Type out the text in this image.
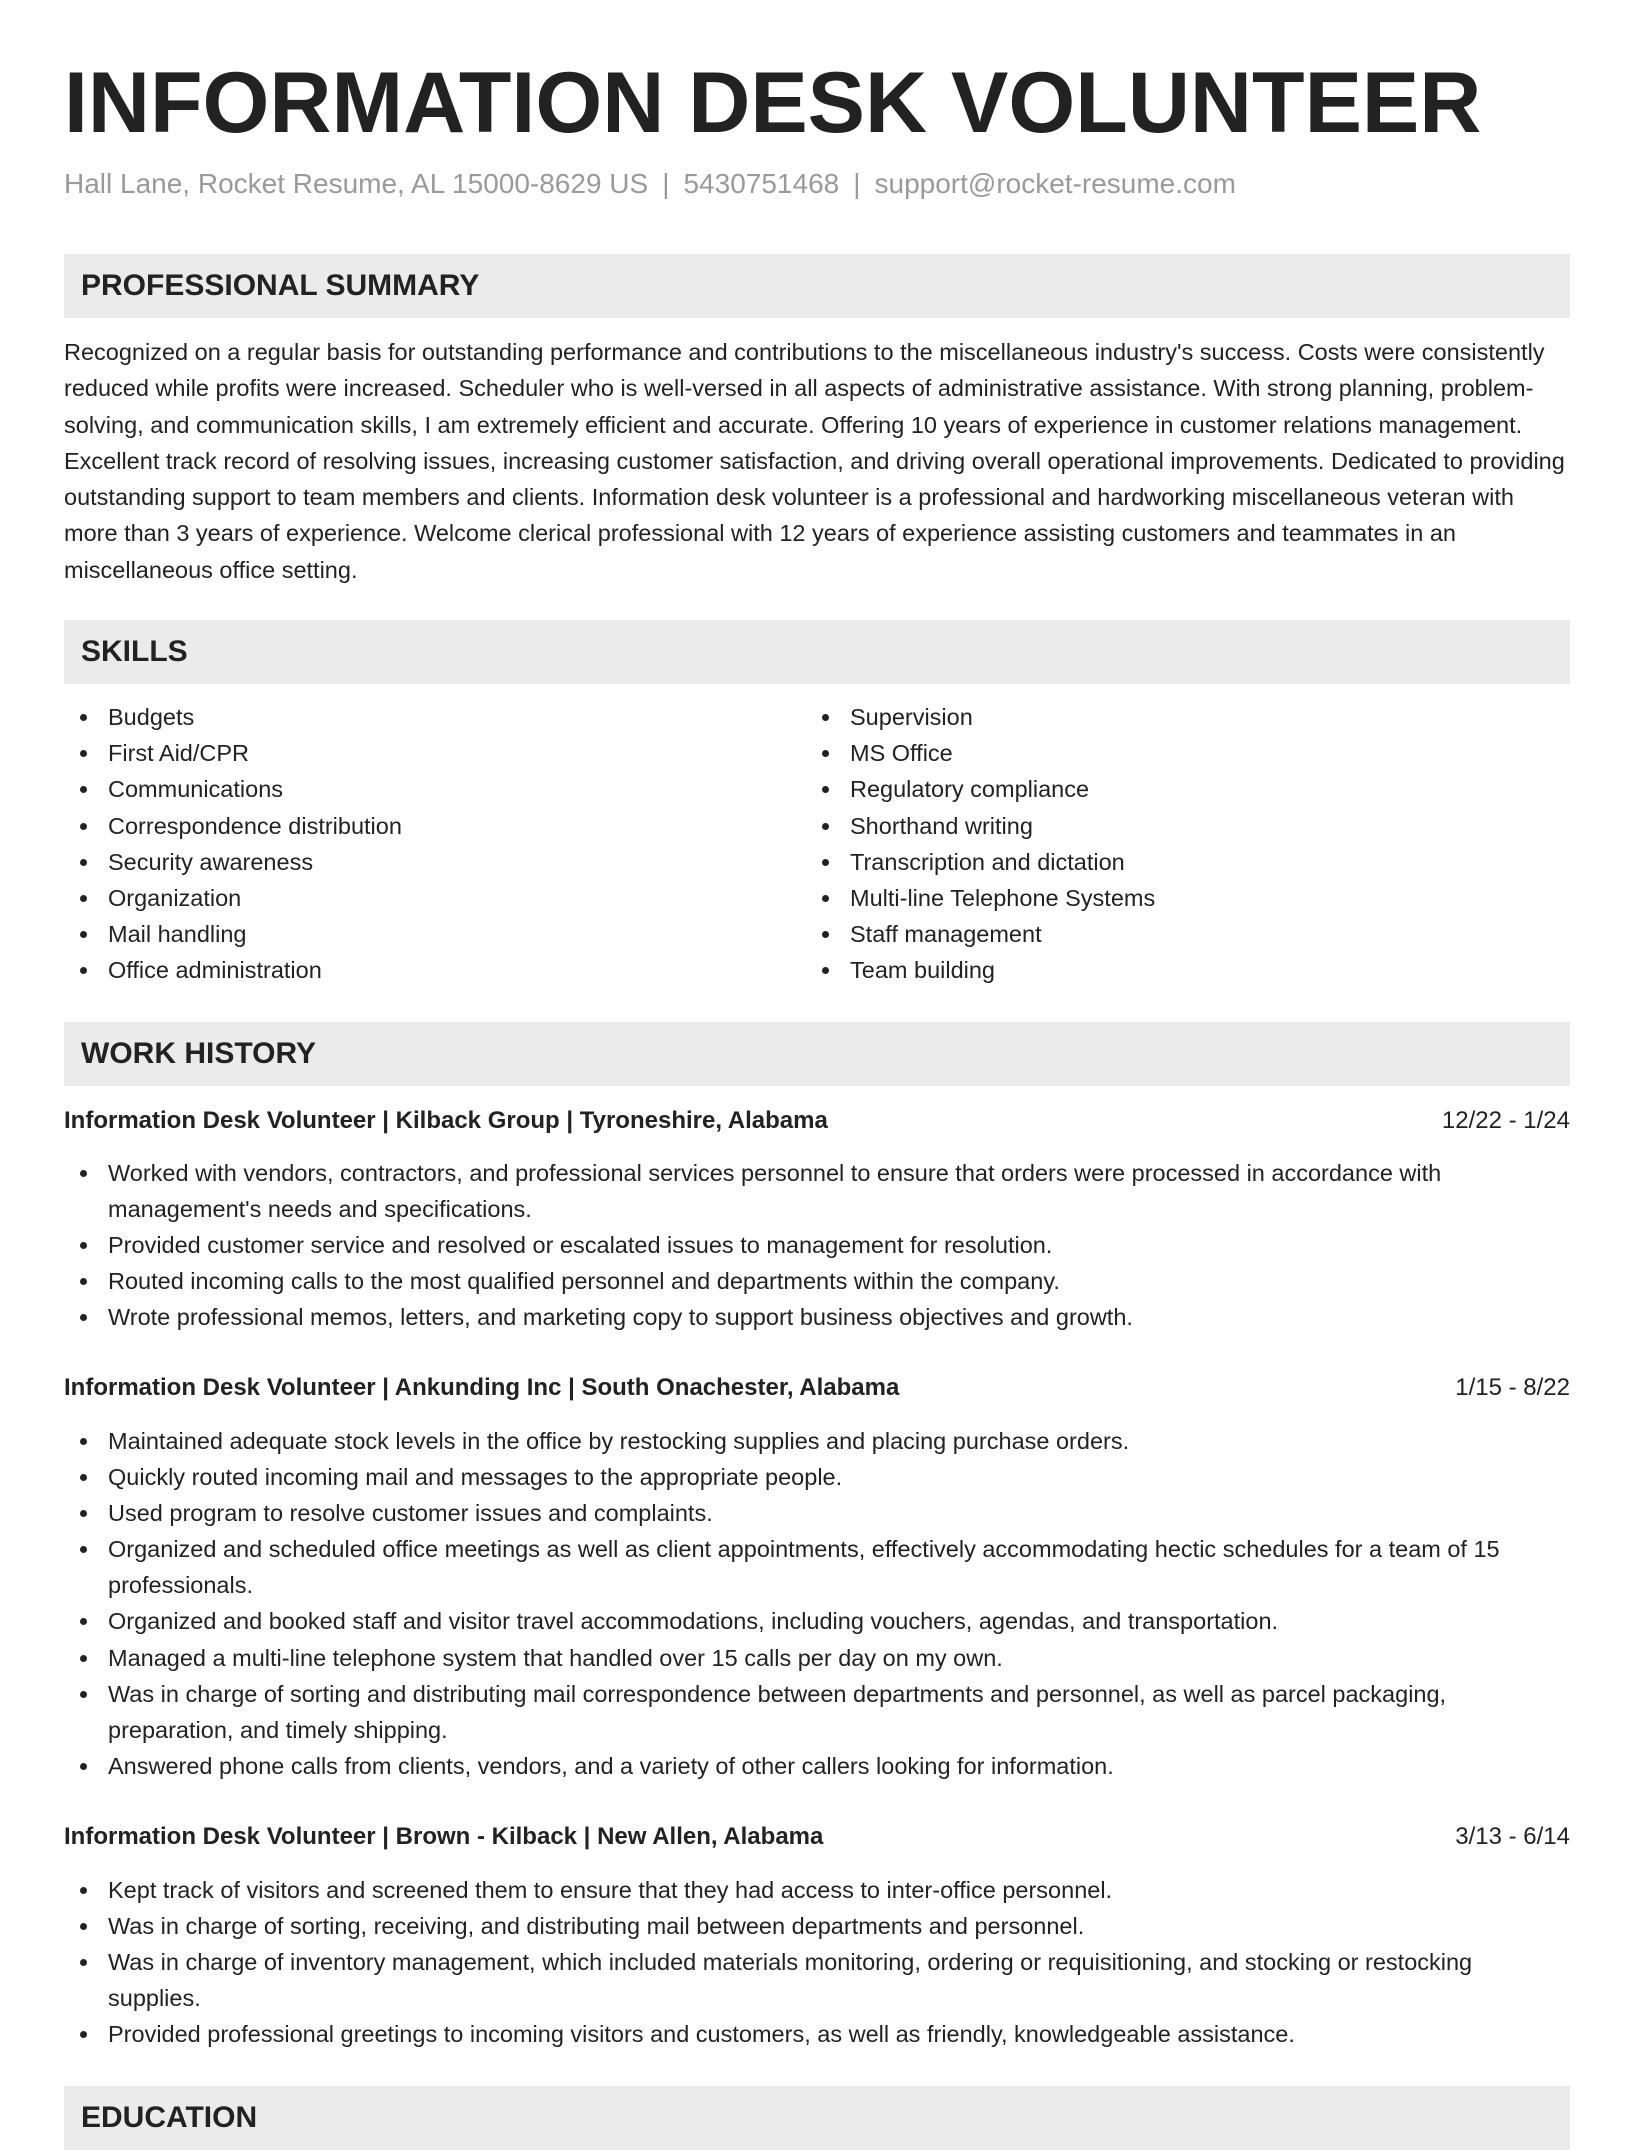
INFORMATION DESK VOLUNTEER
Hall Lane, Rocket Resume, AL 15000-8629 US | 5430751468 | support@rocket-resume.com
PROFESSIONAL SUMMARY

Recognized on a regular basis for outstanding performance and contributions to the miscellaneous industry's success. Costs were consistently reduced while profits were increased. Scheduler who is well-versed in all aspects of administrative assistance. With strong planning, problem-solving, and communication skills, I am extremely efficient and accurate. Offering 10 years of experience in customer relations management. Excellent track record of resolving issues, increasing customer satisfaction, and driving overall operational improvements. Dedicated to providing outstanding support to team members and clients. Information desk volunteer is a professional and hardworking miscellaneous veteran with more than 3 years of experience. Welcome clerical professional with 12 years of experience assisting customers and teammates in an miscellaneous office setting.

SKILLS
Budgets
First Aid/CPR
Communications
Correspondence distribution
Security awareness
Organization
Mail handling
Office administration
Supervision
MS Office
Regulatory compliance
Shorthand writing
Transcription and dictation
Multi-line Telephone Systems
Staff management
Team building
WORK HISTORY
Information Desk Volunteer | Kilback Group | Tyroneshire, Alabama	12/22 - 1/24
Worked with vendors, contractors, and professional services personnel to ensure that orders were processed in accordance with management's needs and specifications.
Provided customer service and resolved or escalated issues to management for resolution.
Routed incoming calls to the most qualified personnel and departments within the company.
Wrote professional memos, letters, and marketing copy to support business objectives and growth.
Information Desk Volunteer | Ankunding Inc | South Onachester, Alabama	1/15 - 8/22
Maintained adequate stock levels in the office by restocking supplies and placing purchase orders.
Quickly routed incoming mail and messages to the appropriate people.
Used program to resolve customer issues and complaints.
Organized and scheduled office meetings as well as client appointments, effectively accommodating hectic schedules for a team of 15 professionals.
Organized and booked staff and visitor travel accommodations, including vouchers, agendas, and transportation.
Managed a multi-line telephone system that handled over 15 calls per day on my own.
Was in charge of sorting and distributing mail correspondence between departments and personnel, as well as parcel packaging, preparation, and timely shipping.
Answered phone calls from clients, vendors, and a variety of other callers looking for information.
Information Desk Volunteer | Brown - Kilback | New Allen, Alabama	3/13 - 6/14
Kept track of visitors and screened them to ensure that they had access to inter-office personnel.
Was in charge of sorting, receiving, and distributing mail between departments and personnel.
Was in charge of inventory management, which included materials monitoring, ordering or requisitioning, and stocking or restocking supplies.
Provided professional greetings to incoming visitors and customers, as well as friendly, knowledgeable assistance.
EDUCATION
